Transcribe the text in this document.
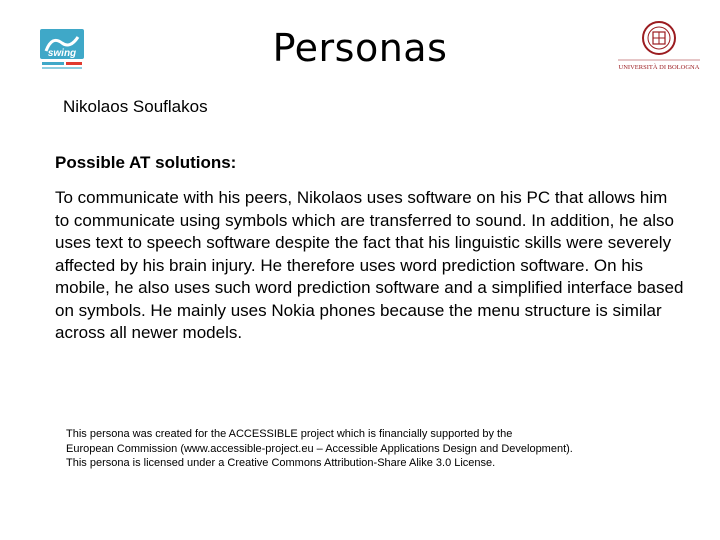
swing
UNIVERSITÀ DI BOLOGNA
Personas
Nikolaos Souflakos
Possible AT solutions:
To communicate with his peers, Nikolaos uses software on his PC that allows him to communicate using symbols which are transferred to sound. In addition, he also uses text to speech software despite the fact that his linguistic skills were severely affected by his brain injury. He therefore uses word prediction software. On his mobile, he also uses such word prediction software and a simplified interface based on symbols. He mainly uses Nokia phones because the menu structure is similar across all newer models.
This persona was created for the ACCESSIBLE project which is financially supported by the
European Commission (www.accessible-project.eu – Accessible Applications Design and Development).
This persona is licensed under a Creative Commons Attribution-Share Alike 3.0 License.
